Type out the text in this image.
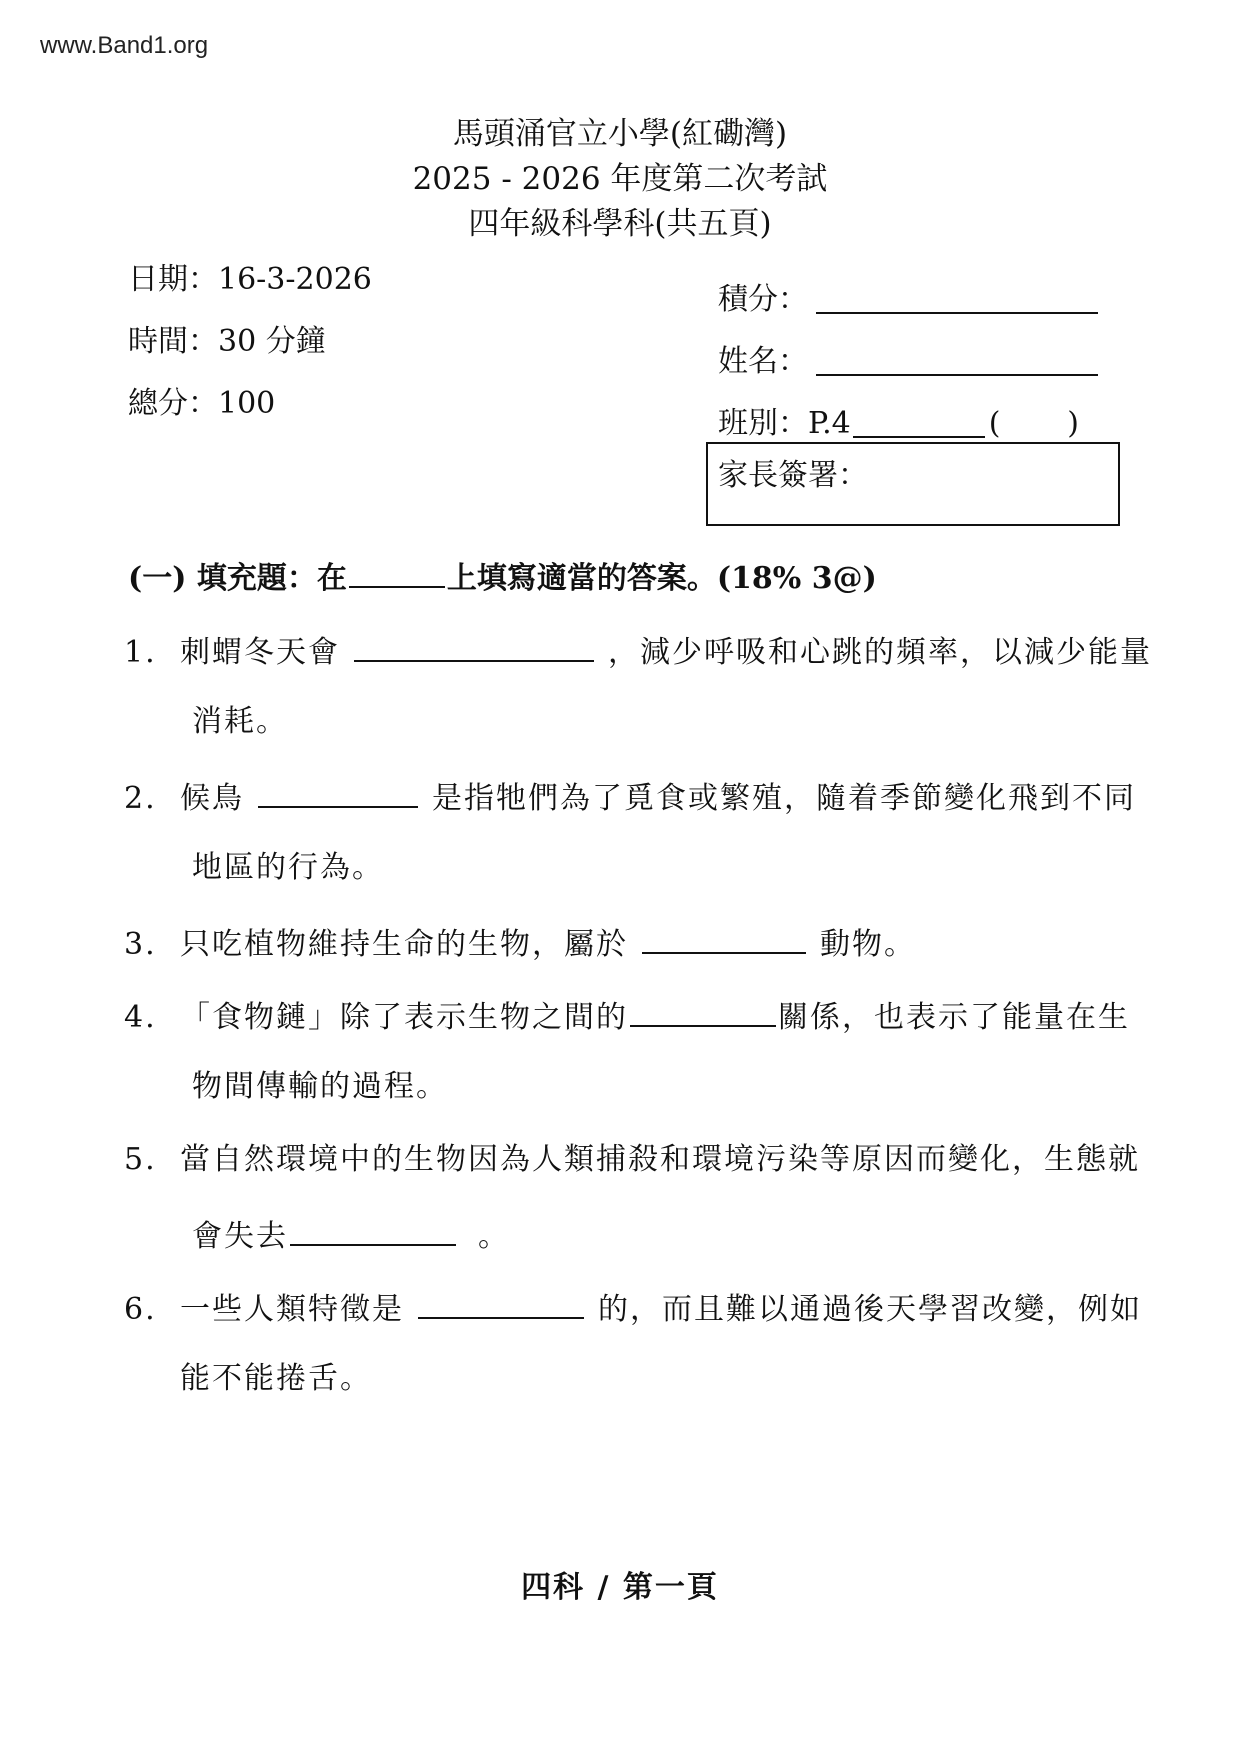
www.Band1.org
馬頭涌官立小學(紅磡灣)
2025 - 2026 年度第二次考試
四年級科學科(共五頁)
日期：16-3-2026
時間：30 分鐘
總分：100
積分：
姓名：
班別：P.4	(       )
家長簽署：
(一) 填充題：在	上填寫適當的答案。(18% 3@)
1. 刺蝟冬天會	，減少呼吸和心跳的頻率，以減少能量
消耗。
2. 候鳥	是指牠們為了覓食或繁殖，隨着季節變化飛到不同
地區的行為。
3. 只吃植物維持生命的生物，屬於	動物。
4. 「食物鏈」除了表示生物之間的	關係，也表示了能量在生
物間傳輸的過程。
5. 當自然環境中的生物因為人類捕殺和環境污染等原因而變化，生態就
會失去	。
6. 一些人類特徵是	的，而且難以通過後天學習改變，例如
能不能捲舌。
四科 / 第一頁
